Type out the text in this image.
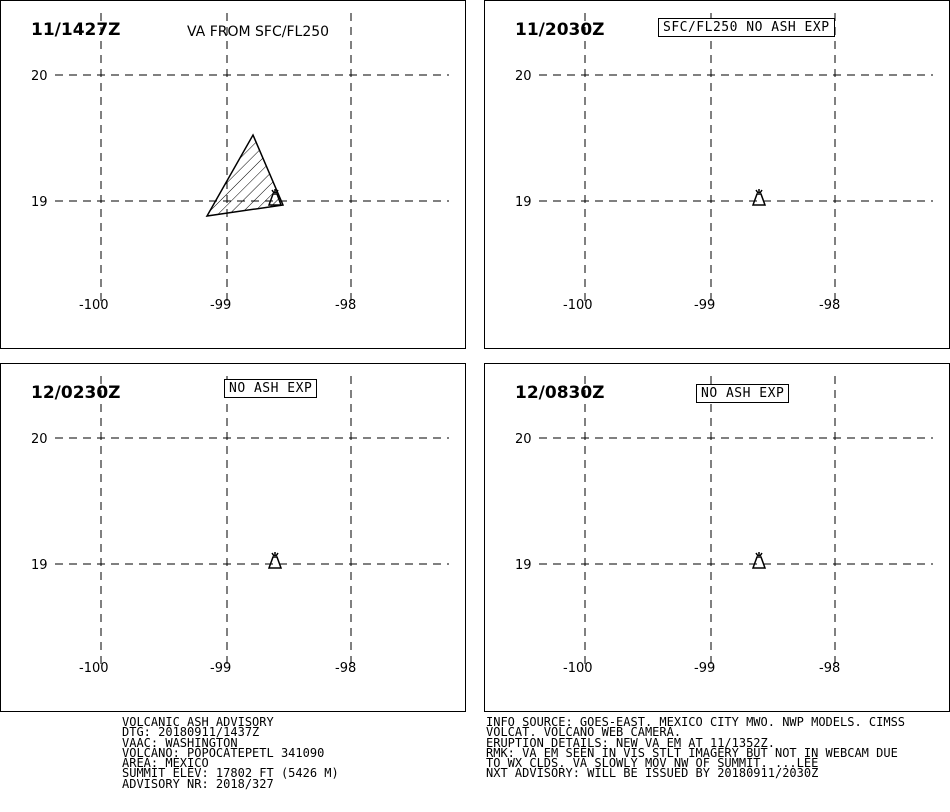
20
19
-100	-99	-98
11/1427Z	VA FROM SFC/FL250
20
19
-100	-99	-98
11/2030Z	SFC/FL250 NO ASH EXP
20
19
-100	-99	-98
12/0230Z	NO ASH EXP
20
19
-100	-99	-98
12/0830Z	NO ASH EXP
VOLCANIC ASH ADVISORY
DTG: 20180911/1437Z
VAAC: WASHINGTON
VOLCANO: POPOCATEPETL 341090
AREA: MEXICO
SUMMIT ELEV: 17802 FT (5426 M)
ADVISORY NR: 2018/327
INFO SOURCE: GOES-EAST. MEXICO CITY MWO. NWP MODELS. CIMSS
VOLCAT. VOLCANO WEB CAMERA.
ERUPTION DETAILS: NEW VA EM AT 11/1352Z.
RMK: VA EM SEEN IN VIS STLT IMAGERY BUT NOT IN WEBCAM DUE
TO WX CLDS. VA SLOWLY MOV NW OF SUMMIT. ...LEE
NXT ADVISORY: WILL BE ISSUED BY 20180911/2030Z
